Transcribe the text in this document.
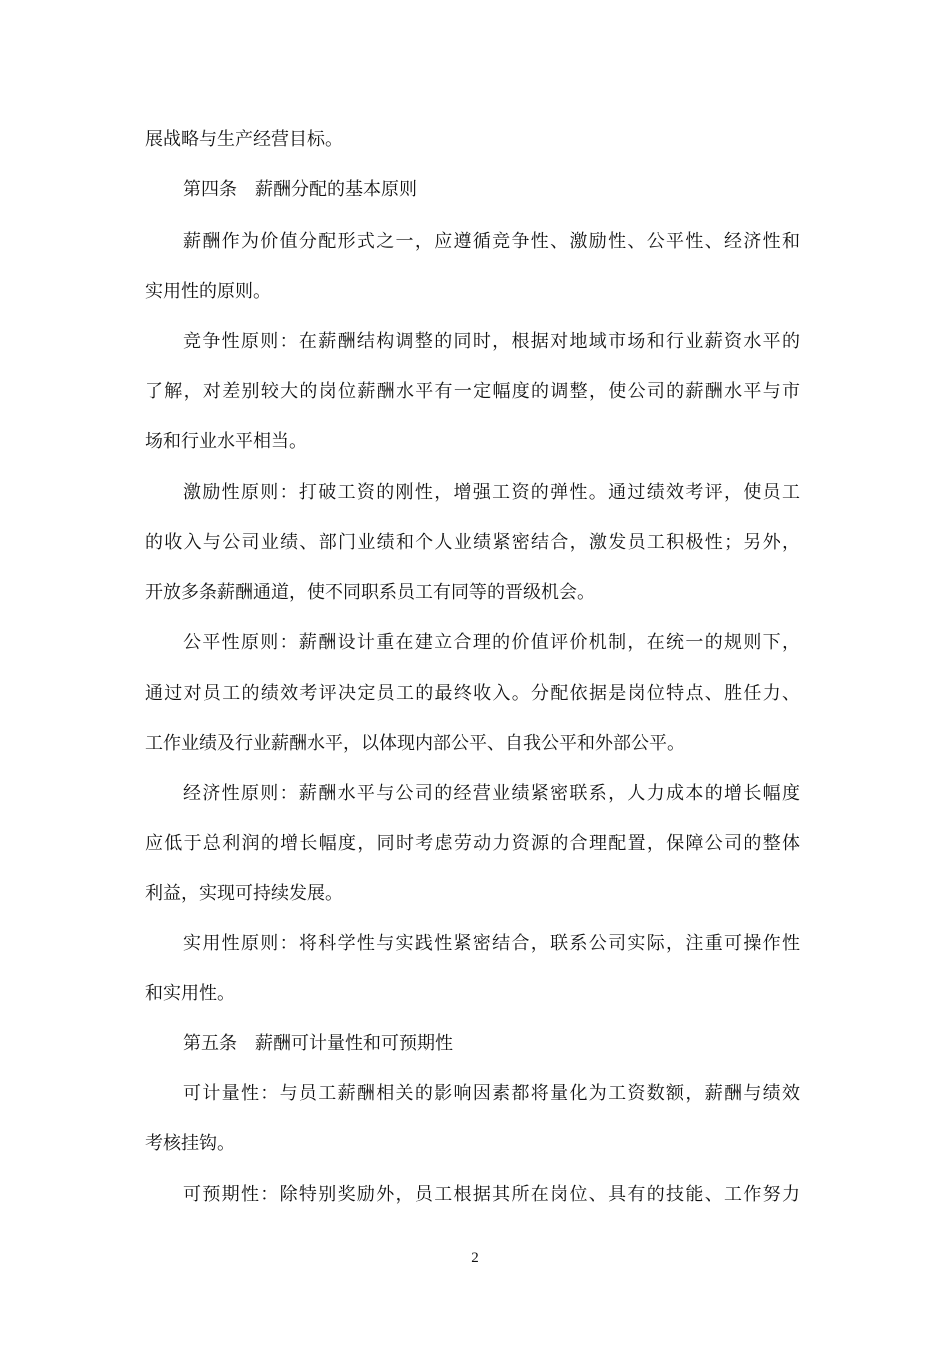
展战略与生产经营目标。

第四条　薪酬分配的基本原则

薪酬作为价值分配形式之一，应遵循竞争性、激励性、公平性、经济性和

实用性的原则。

竞争性原则：在薪酬结构调整的同时，根据对地域市场和行业薪资水平的

了解，对差别较大的岗位薪酬水平有一定幅度的调整，使公司的薪酬水平与市

场和行业水平相当。

激励性原则：打破工资的刚性，增强工资的弹性。通过绩效考评，使员工

的收入与公司业绩、部门业绩和个人业绩紧密结合，激发员工积极性；另外，

开放多条薪酬通道，使不同职系员工有同等的晋级机会。

公平性原则：薪酬设计重在建立合理的价值评价机制，在统一的规则下，

通过对员工的绩效考评决定员工的最终收入。分配依据是岗位特点、胜任力、

工作业绩及行业薪酬水平，以体现内部公平、自我公平和外部公平。

经济性原则：薪酬水平与公司的经营业绩紧密联系，人力成本的增长幅度

应低于总利润的增长幅度，同时考虑劳动力资源的合理配置，保障公司的整体

利益，实现可持续发展。

实用性原则：将科学性与实践性紧密结合，联系公司实际，注重可操作性

和实用性。

第五条　薪酬可计量性和可预期性

可计量性：与员工薪酬相关的影响因素都将量化为工资数额，薪酬与绩效

考核挂钩。

可预期性：除特别奖励外，员工根据其所在岗位、具有的技能、工作努力

2
